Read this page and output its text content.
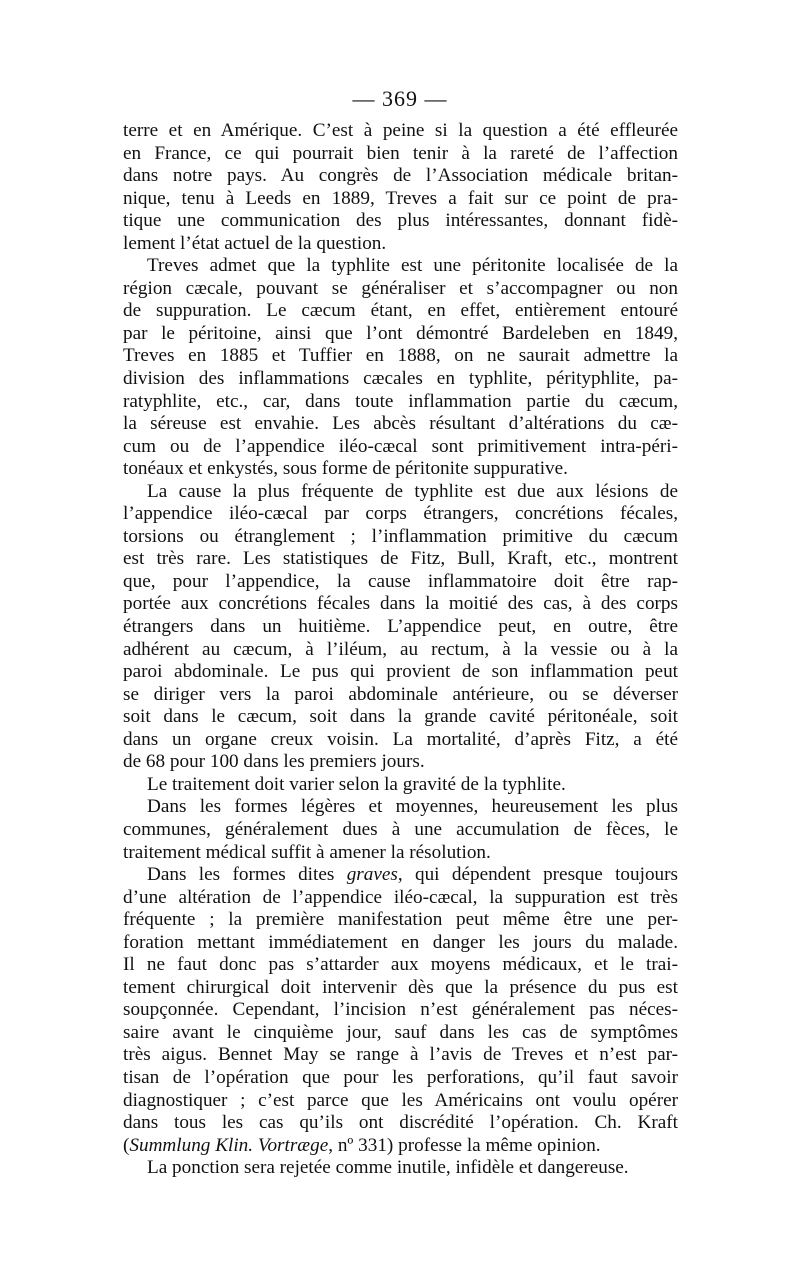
— 369 —
terre et en Amérique. C’est à peine si la question a été effleurée
en France, ce qui pourrait bien tenir à la rareté de l’affection
dans notre pays. Au congrès de l’Association médicale britan-
nique, tenu à Leeds en 1889, Treves a fait sur ce point de pra-
tique une communication des plus intéressantes, donnant fidè-
lement l’état actuel de la question.
Treves admet que la typhlite est une péritonite localisée de la
région cæcale, pouvant se généraliser et s’accompagner ou non
de suppuration. Le cæcum étant, en effet, entièrement entouré
par le péritoine, ainsi que l’ont démontré Bardeleben en 1849,
Treves en 1885 et Tuffier en 1888, on ne saurait admettre la
division des inflammations cæcales en typhlite, pérityphlite, pa-
ratyphlite, etc., car, dans toute inflammation partie du cæcum,
la séreuse est envahie. Les abcès résultant d’altérations du cæ-
cum ou de l’appendice iléo-cæcal sont primitivement intra-péri-
tonéaux et enkystés, sous forme de péritonite suppurative.
La cause la plus fréquente de typhlite est due aux lésions de
l’appendice iléo-cæcal par corps étrangers, concrétions fécales,
torsions ou étranglement ; l’inflammation primitive du cæcum
est très rare. Les statistiques de Fitz, Bull, Kraft, etc., montrent
que, pour l’appendice, la cause inflammatoire doit être rap-
portée aux concrétions fécales dans la moitié des cas, à des corps
étrangers dans un huitième. L’appendice peut, en outre, être
adhérent au cæcum, à l’iléum, au rectum, à la vessie ou à la
paroi abdominale. Le pus qui provient de son inflammation peut
se diriger vers la paroi abdominale antérieure, ou se déverser
soit dans le cæcum, soit dans la grande cavité péritonéale, soit
dans un organe creux voisin. La mortalité, d’après Fitz, a été
de 68 pour 100 dans les premiers jours.
Le traitement doit varier selon la gravité de la typhlite.
Dans les formes légères et moyennes, heureusement les plus
communes, généralement dues à une accumulation de fèces, le
traitement médical suffit à amener la résolution.
Dans les formes dites graves, qui dépendent presque toujours
d’une altération de l’appendice iléo-cæcal, la suppuration est très
fréquente ; la première manifestation peut même être une per-
foration mettant immédiatement en danger les jours du malade.
Il ne faut donc pas s’attarder aux moyens médicaux, et le trai-
tement chirurgical doit intervenir dès que la présence du pus est
soupçonnée. Cependant, l’incision n’est généralement pas néces-
saire avant le cinquième jour, sauf dans les cas de symptômes
très aigus. Bennet May se range à l’avis de Treves et n’est par-
tisan de l’opération que pour les perforations, qu’il faut savoir
diagnostiquer ; c’est parce que les Américains ont voulu opérer
dans tous les cas qu’ils ont discrédité l’opération. Ch. Kraft
(Summlung Klin. Vortræge, nº 331) professe la même opinion.
La ponction sera rejetée comme inutile, infidèle et dangereuse.
